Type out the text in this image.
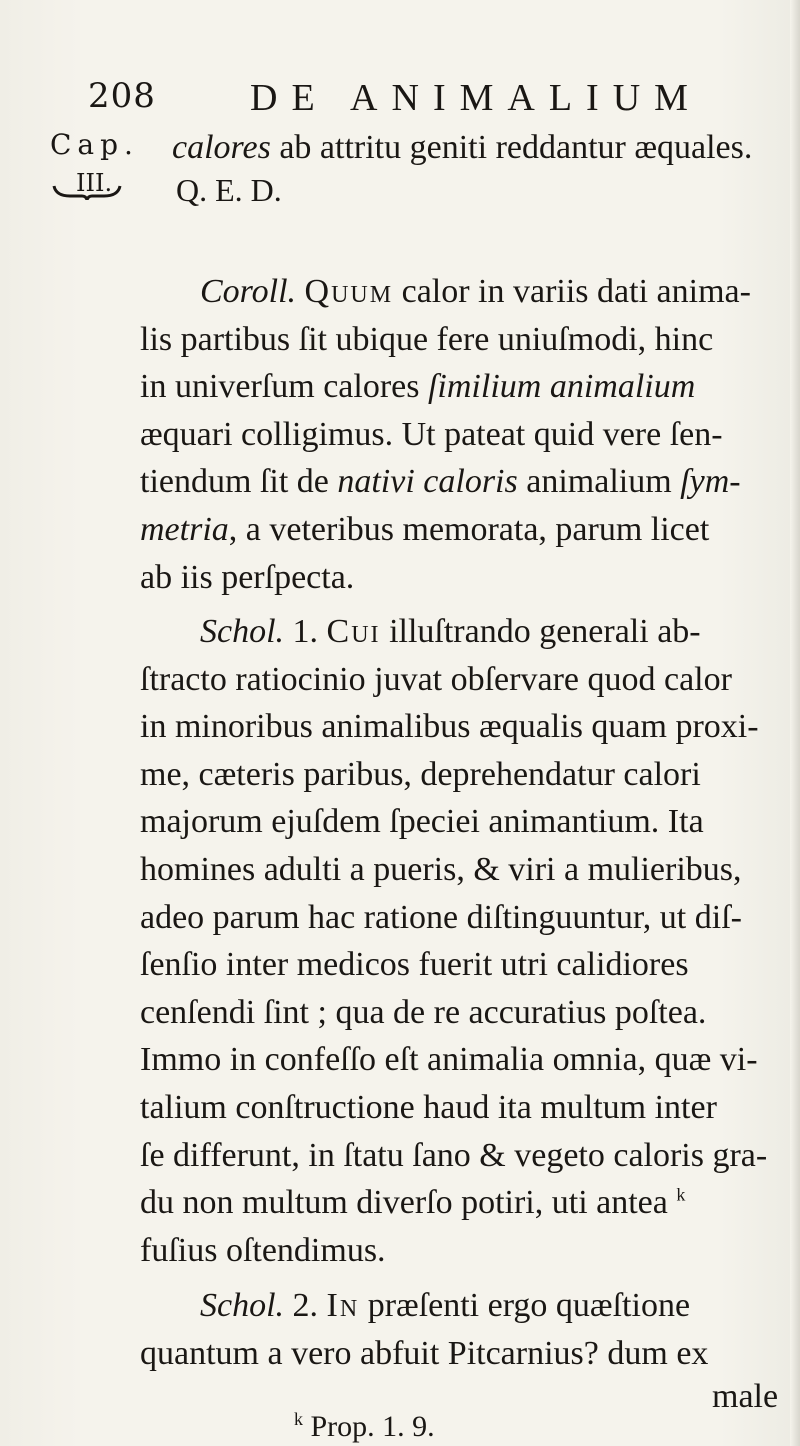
208 DE ANIMALIUM
Cap.
III.
calores ab attritu geniti reddantur æquales.
Q. E. D.
Coroll. Quum calor in variis dati anima-
lis partibus ſit ubique fere uniuſmodi, hinc
in univerſum calores ſimilium animalium
æquari colligimus. Ut pateat quid vere ſen-
tiendum ſit de nativi caloris animalium ſym-
metria, a veteribus memorata, parum licet
ab iis perſpecta.
Schol. 1. Cui illuſtrando generali ab-
ſtracto ratiocinio juvat obſervare quod calor
in minoribus animalibus æqualis quam proxi-
me, cæteris paribus, deprehendatur calori
majorum ejuſdem ſpeciei animantium. Ita
homines adulti a pueris, & viri a mulieribus,
adeo parum hac ratione diſtinguuntur, ut diſ-
ſenſio inter medicos fuerit utri calidiores
cenſendi ſint ; qua de re accuratius poſtea.
Immo in confeſſo eſt animalia omnia, quæ vi-
talium conſtructione haud ita multum inter
ſe differunt, in ſtatu ſano & vegeto caloris gra-
du non multum diverſo potiri, uti antea $^k$
fuſius oſtendimus.
Schol. 2. In præſenti ergo quæſtione
quantum a vero abfuit Pitcarnius? dum ex
male
$^k$ Prop. 1. 9.
